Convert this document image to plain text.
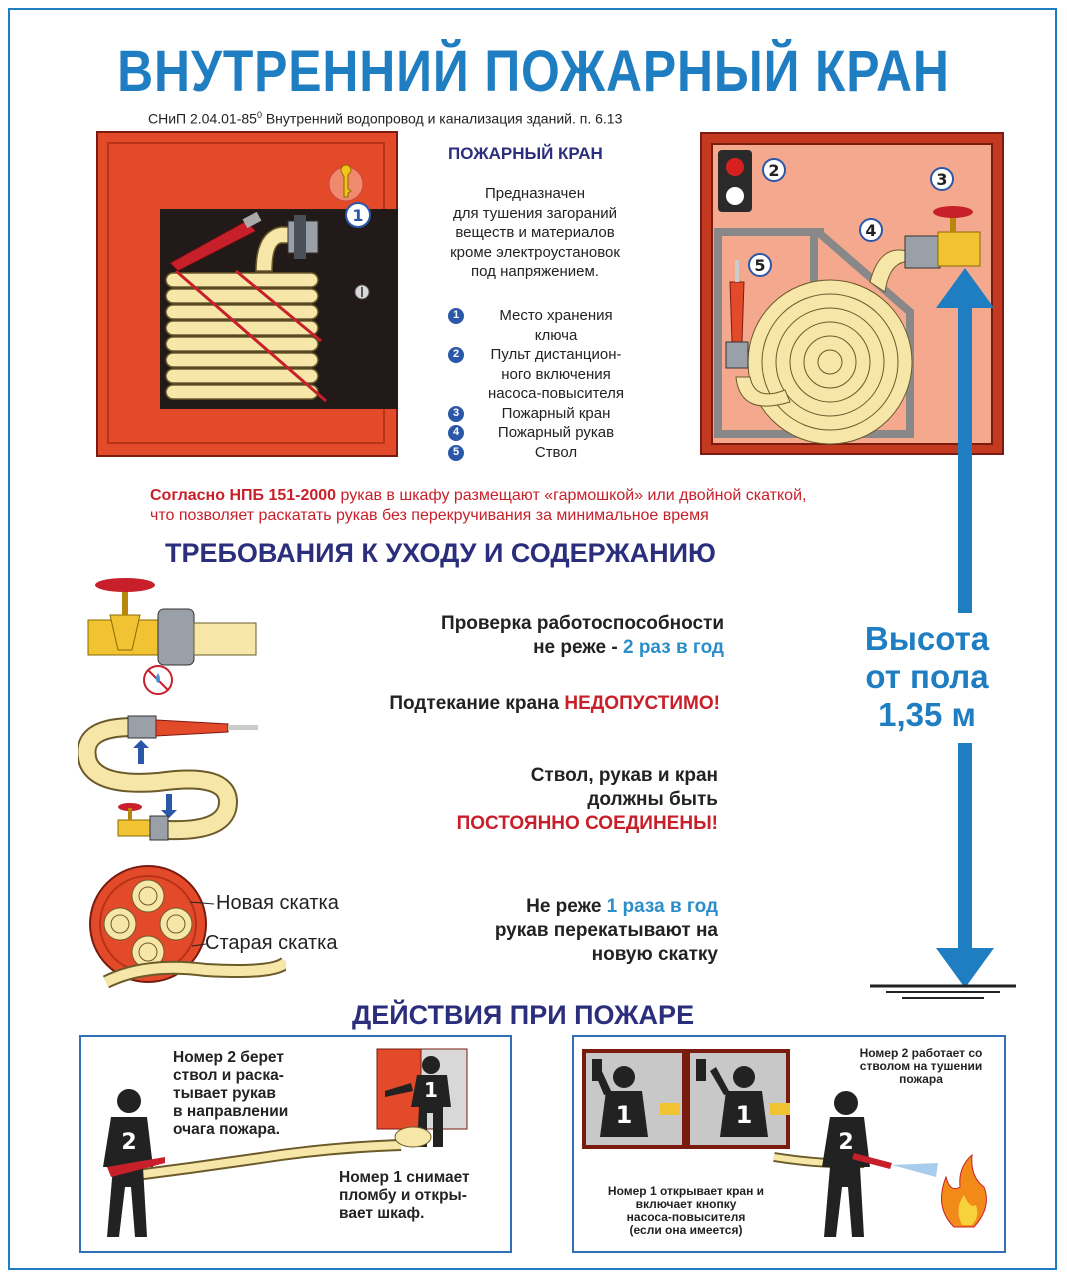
ВНУТРЕННИЙ ПОЖАРНЫЙ КРАН
СНиП $2.04.01-85^0$ Внутренний водопровод и канализация зданий. п. 6.13
1
ПОЖАРНЫЙ КРАН
Предназначен
для тушения загораний
веществ и материалов
кроме электроустановок
под напряжением.
1	Место хранения
ключа
2	Пульт дистанцион-
ного включения
насоса-повысителя
3	Пожарный кран
4	Пожарный рукав
5	Ствол
2	3
4
5
Согласно НПБ 151-2000 рукав в шкафу размещают «гармошкой» или двойной скаткой,
что позволяет раскатать рукав без перекручивания за минимальное время
ТРЕБОВАНИЯ К УХОДУ И СОДЕРЖАНИЮ
Новая скатка
Старая скатка
Проверка работоспособности
не реже - 2 раз в год
Подтекание крана НЕДОПУСТИМО!
Ствол, рукав и кран
должны быть
ПОСТОЯННО СОЕДИНЕНЫ!
Не реже 1 раза в год
рукав перекатывают на
новую скатку
Высота
от пола
1,35 м
ДЕЙСТВИЯ ПРИ ПОЖАРЕ
1
2
Номер 2 берет
ствол и раска-
тывает рукав
в направлении
очага пожара.
Номер 1 снимает
пломбу и откры-
вает шкаф.
1	1
2
Номер 2 работает со
стволом на тушении
пожара
Номер 1 открывает кран и
включает кнопку
насоса-повысителя
(если она имеется)
